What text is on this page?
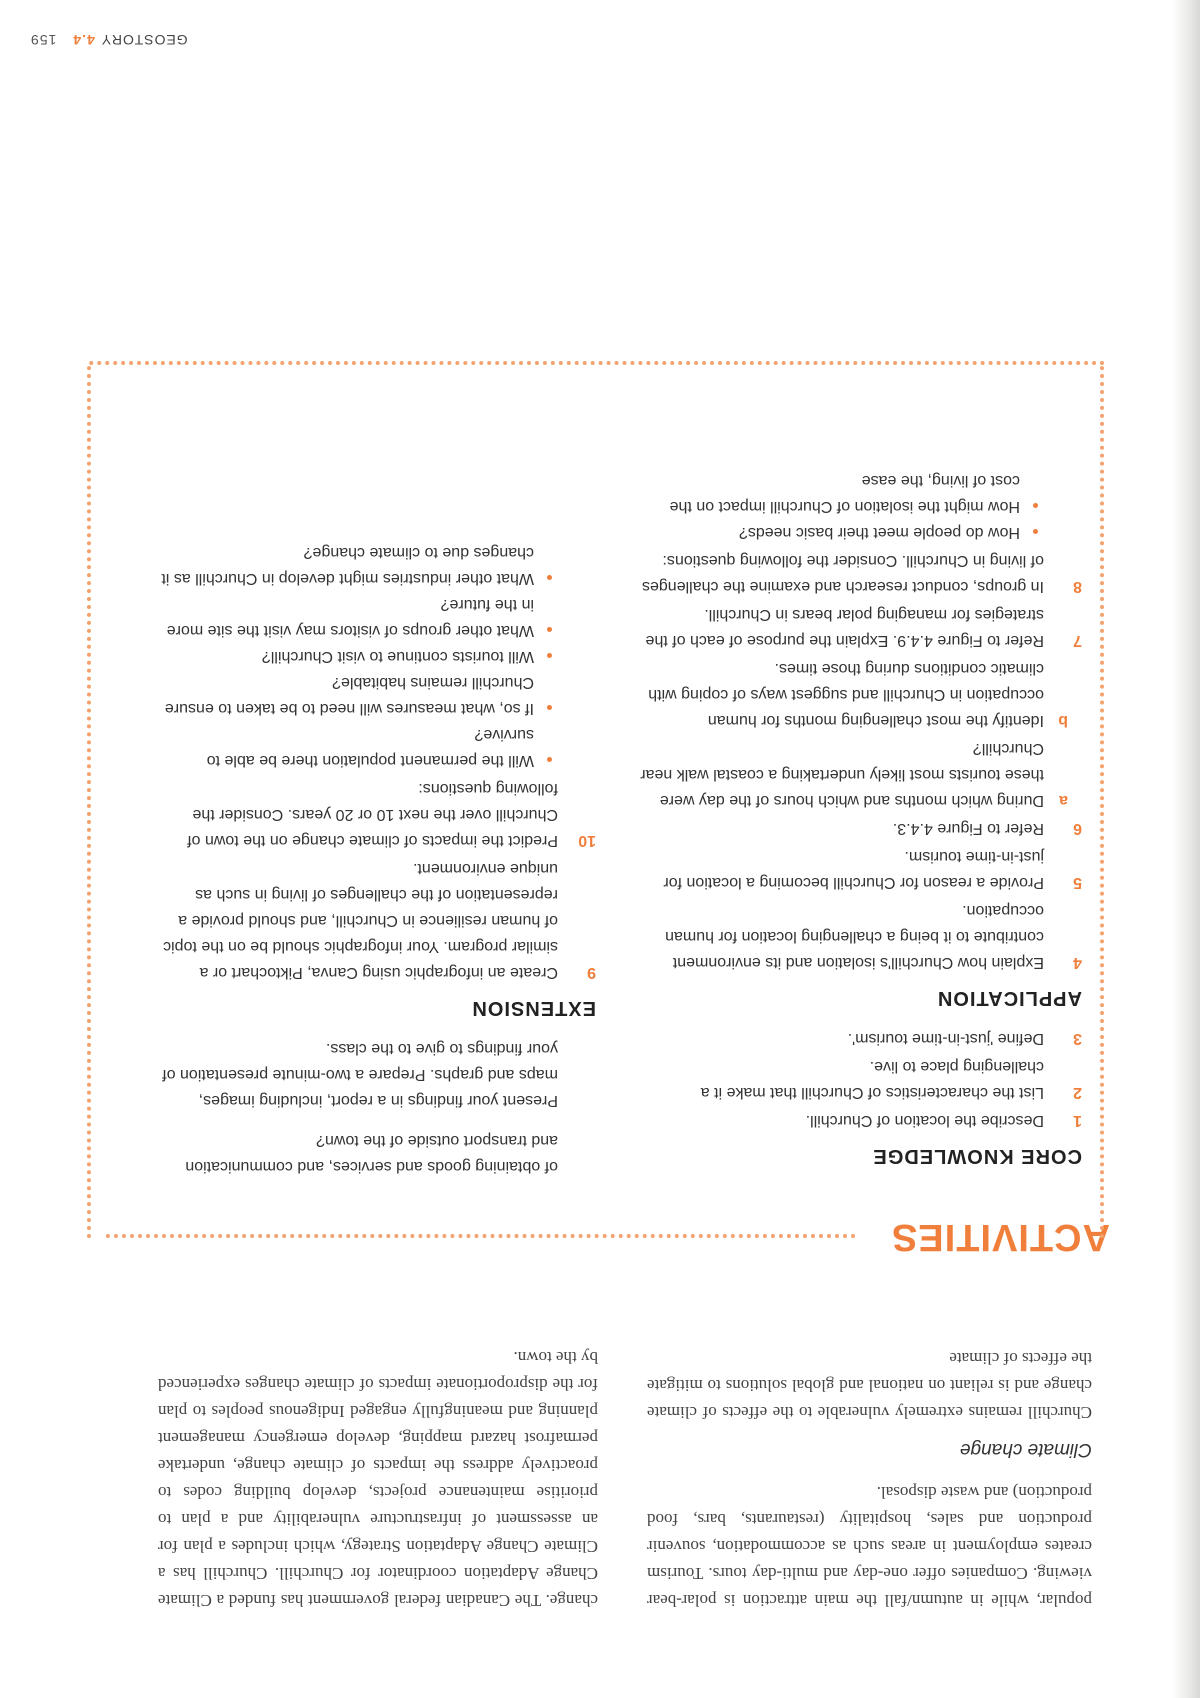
GEOSTORY4.4159

popular, while in autumn/fall the main attraction is polar-bear viewing. Companies offer one-day and multi-day tours. Tourism creates employment in areas such as accommodation, souvenir production and sales, hospitality (restaurants, bars, food production) and waste disposal.

Climate change

Churchill remains extremely vulnerable to the effects of climate change and is reliant on national and global solutions to mitigate the effects of climate

change. The Canadian federal government has funded a Climate Change Adaptation coordinator for Churchill. Churchill has a Climate Change Adaptation Strategy, which includes a plan for an assessment of infrastructure vulnerability and a plan to prioritise maintenance projects, develop building codes to proactively address the impacts of climate change, undertake permafrost hazard mapping, develop emergency management planning and meaningfully engaged Indigenous peoples to plan for the disproportionate impacts of climate changes experienced by the town.

ACTIVITIES
CORE KNOWLEDGE
1
Describe the location of Churchill.
2
List the characteristics of Churchill that make it a challenging place to live.
3
Define 'just-in-time tourism'.
APPLICATION
4
Explain how Churchill's isolation and its environment contribute to it being a challenging location for human occupation.
5
Provide a reason for Churchill becoming a location for just-in-time tourism.
6
Refer to Figure 4.4.3.
a
During which months and which hours of the day were these tourists most likely undertaking a coastal walk near Churchill?
b
Identify the most challenging months for human occupation in Churchill and suggest ways of coping with climatic conditions during those times.
7
Refer to Figure 4.4.9. Explain the purpose of each of the strategies for managing polar bears in Churchill.
8
In groups, conduct research and examine the challenges of living in Churchill. Consider the following questions:
How do people meet their basic needs?
How might the isolation of Churchill impact on the cost of living, the ease
of obtaining goods and services, and communication and transport outside of the town?
Present your findings in a report, including images, maps and graphs. Prepare a two-minute presentation of your findings to give to the class.
EXTENSION
9
Create an infographic using Canva, Piktochart or a similar program. Your infographic should be on the topic of human resilience in Churchill, and should provide a representation of the challenges of living in such as unique environment.
10
Predict the impacts of climate change on the town of Churchill over the next 10 or 20 years. Consider the following questions:
Will the permanent population there be able to survive?
If so, what measures will need to be taken to ensure Churchill remains habitable?
Will tourists continue to visit Churchill?
What other groups of visitors may visit the site more in the future?
What other industries might develop in Churchill as it changes due to climate change?
